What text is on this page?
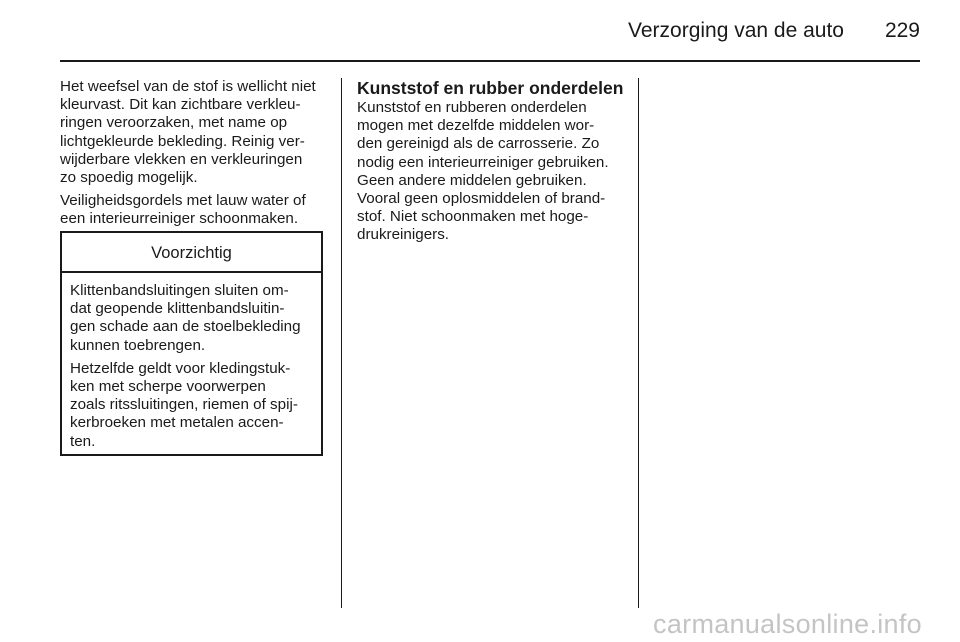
Verzorging van de auto 229

Het weefsel van de stof is wellicht niet
kleurvast. Dit kan zichtbare verkleu-
ringen veroorzaken, met name op
lichtgekleurde bekleding. Reinig ver-
wijderbare vlekken en verkleuringen
zo spoedig mogelijk.

Veiligheidsgordels met lauw water of
een interieurreiniger schoonmaken.

Voorzichtig

Klittenbandsluitingen sluiten om-
dat geopende klittenbandsluitin-
gen schade aan de stoelbekleding
kunnen toebrengen.

Hetzelfde geldt voor kledingstuk-
ken met scherpe voorwerpen
zoals ritssluitingen, riemen of spij-
kerbroeken met metalen accen-
ten.

Kunststof en rubber onderdelen

Kunststof en rubberen onderdelen
mogen met dezelfde middelen wor-
den gereinigd als de carrosserie. Zo
nodig een interieurreiniger gebruiken.
Geen andere middelen gebruiken.
Vooral geen oplosmiddelen of brand-
stof. Niet schoonmaken met hoge-
drukreinigers.

carmanualsonline.info
